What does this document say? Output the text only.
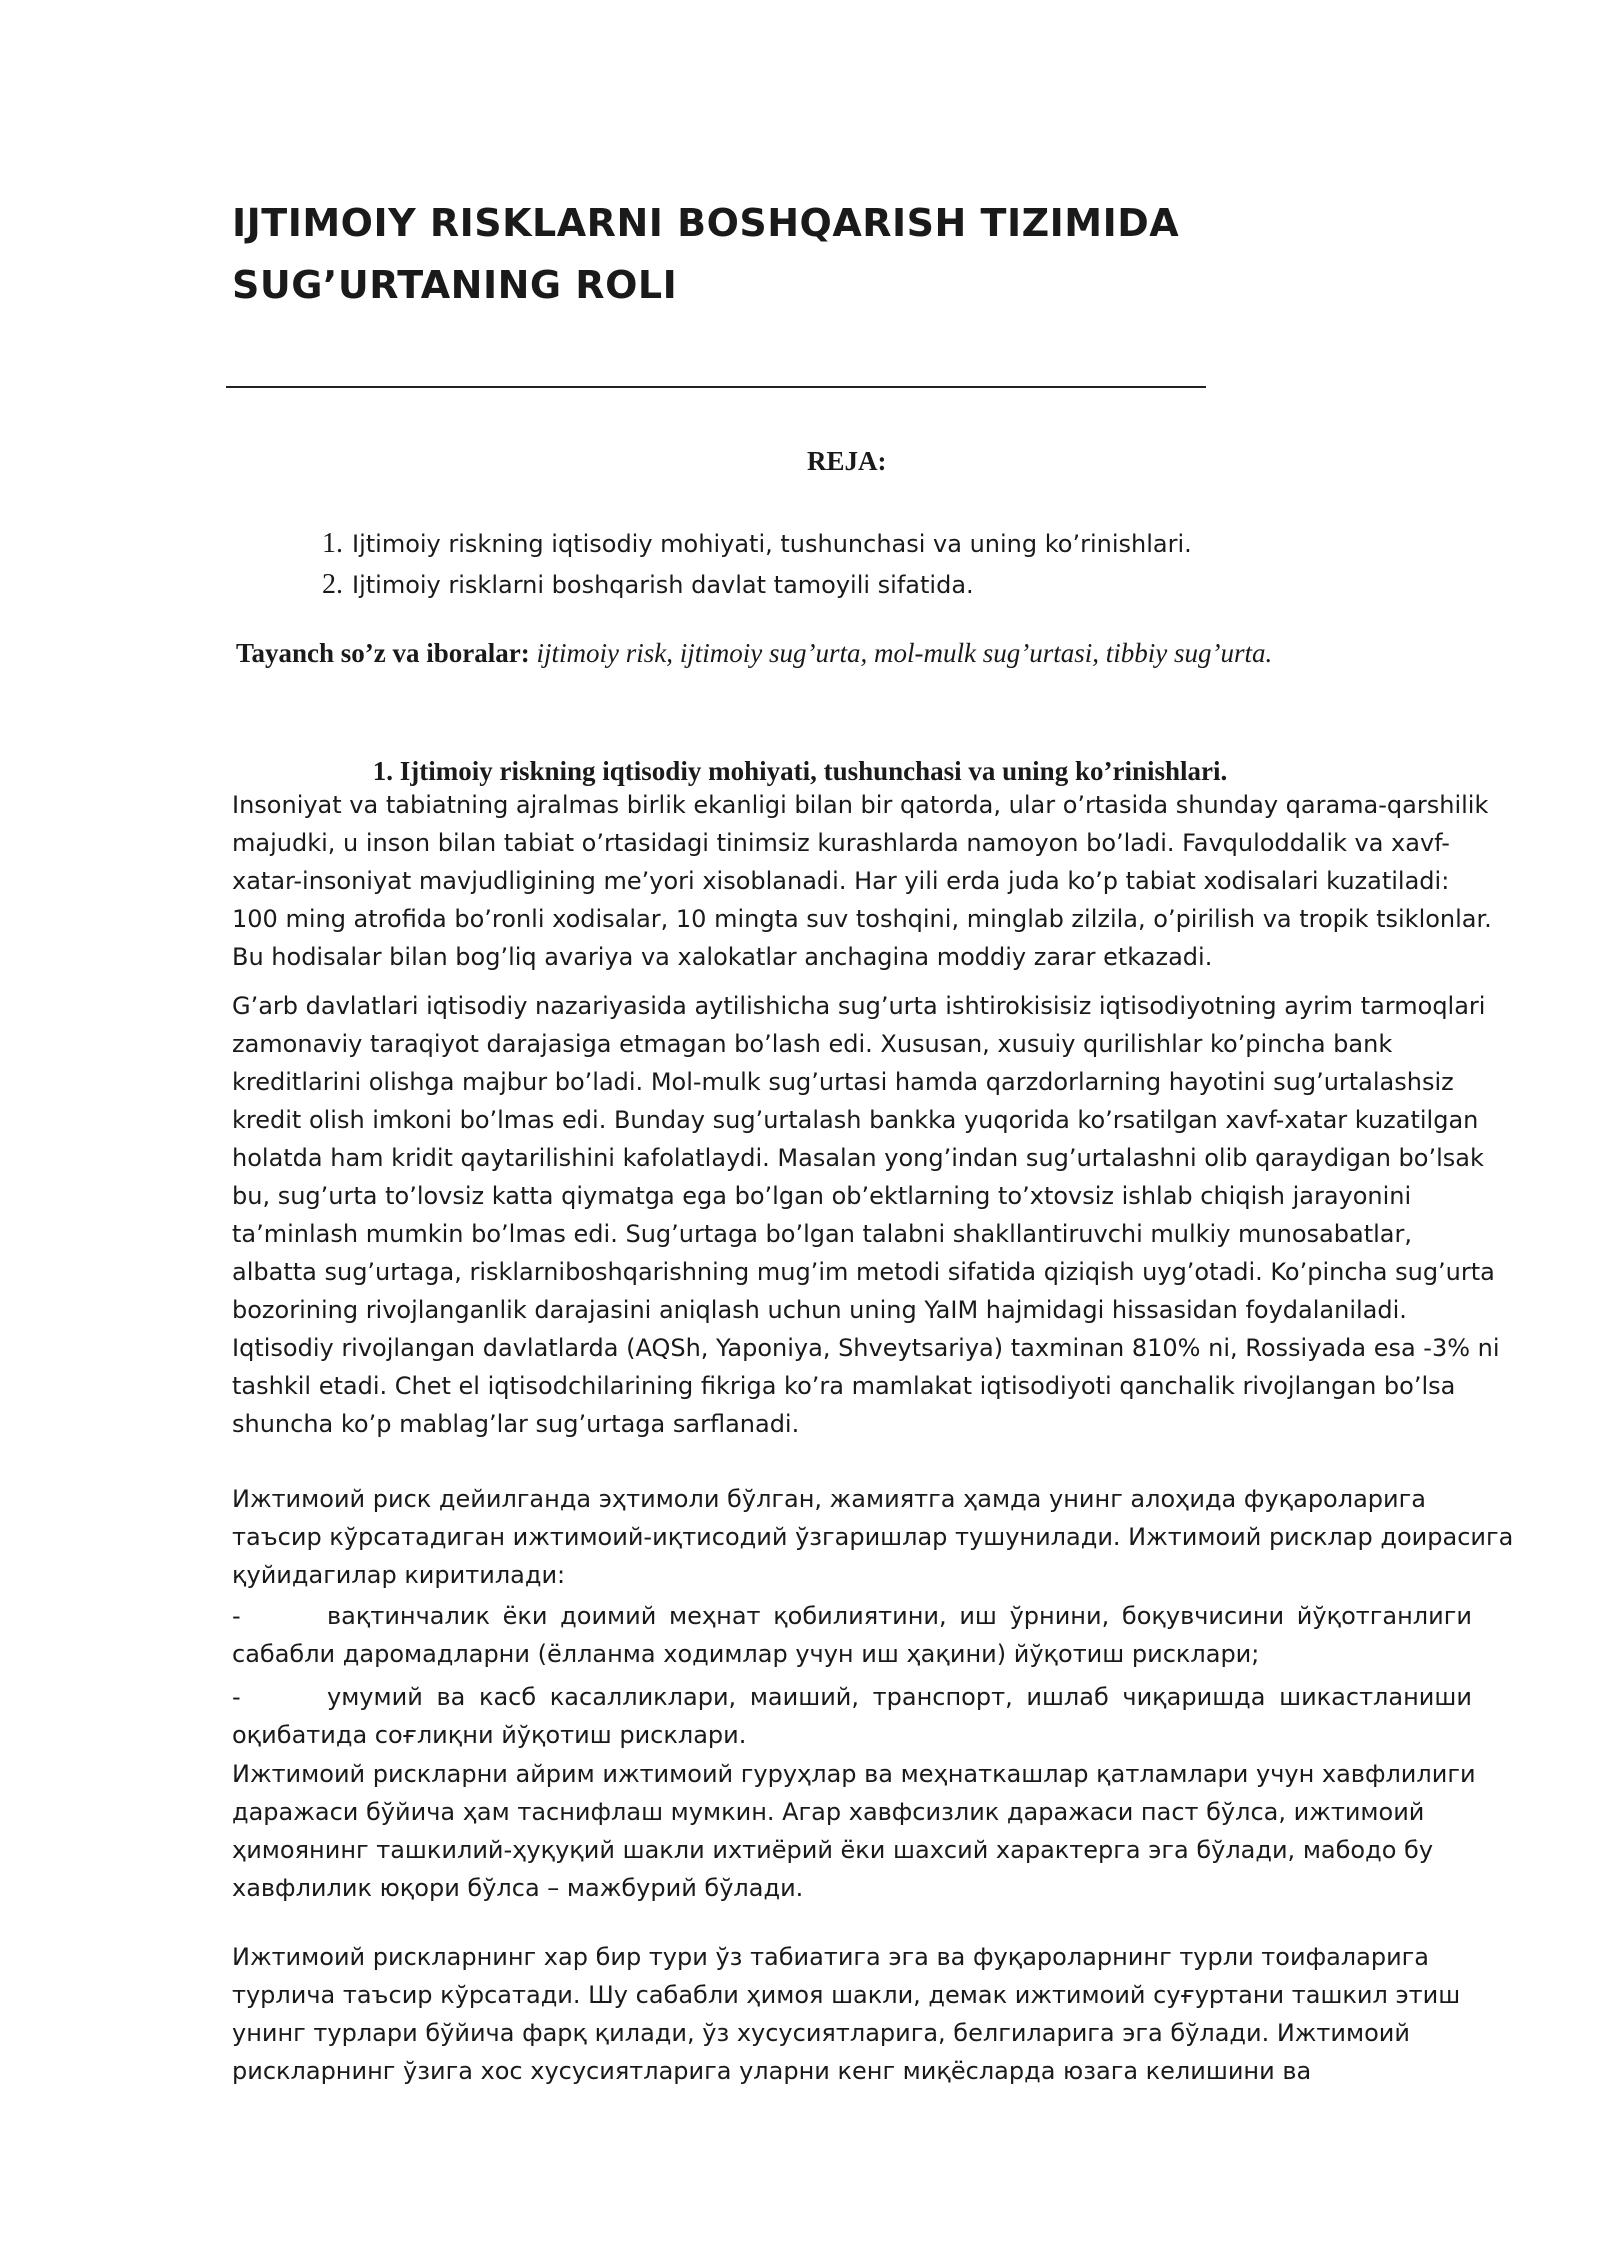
IJTIMOIY RISKLARNI BOSHQARISH TIZIMIDA
SUG’URTANING ROLI
REJA:
1. Ijtimoiy riskning iqtisodiy mohiyati, tushunchasi va uning ko’rinishlari.
2. Ijtimoiy risklarni boshqarish davlat tamoyili sifatida.
Tayanch so’z va iboralar: ijtimoiy risk, ijtimoiy sug’urta, mol-mulk sug’urtasi, tibbiy sug’urta.
1. Ijtimoiy riskning iqtisodiy mohiyati, tushunchasi va uning ko’rinishlari.
Insoniyat va tabiatning ajralmas birlik ekanligi bilan bir qatorda, ular o’rtasida shunday qarama-qarshilik
majudki, u inson bilan tabiat o’rtasidagi tinimsiz kurashlarda namoyon bo’ladi. Favquloddalik va xavf-
xatar-insoniyat mavjudligining me’yori xisoblanadi. Har yili erda juda ko’p tabiat xodisalari kuzatiladi:
100 ming atrofida bo’ronli xodisalar, 10 mingta suv toshqini, minglab zilzila, o’pirilish va tropik tsiklonlar.
Bu hodisalar bilan bog’liq avariya va xalokatlar anchagina moddiy zarar etkazadi.
G’arb davlatlari iqtisodiy nazariyasida aytilishicha sug’urta ishtirokisisiz iqtisodiyotning ayrim tarmoqlari
zamonaviy taraqiyot darajasiga etmagan bo’lash edi. Xususan, xusuiy qurilishlar ko’pincha bank
kreditlarini olishga majbur bo’ladi. Mol-mulk sug’urtasi hamda qarzdorlarning hayotini sug’urtalashsiz
kredit olish imkoni bo’lmas edi. Bunday sug’urtalash bankka yuqorida ko’rsatilgan xavf-xatar kuzatilgan
holatda ham kridit qaytarilishini kafolatlaydi. Masalan yong’indan sug’urtalashni olib qaraydigan bo’lsak
bu, sug’urta to’lovsiz katta qiymatga ega bo’lgan ob’ektlarning to’xtovsiz ishlab chiqish jarayonini
ta’minlash mumkin bo’lmas edi. Sug’urtaga bo’lgan talabni shakllantiruvchi mulkiy munosabatlar,
albatta sug’urtaga, risklarniboshqarishning mug’im metodi sifatida qiziqish uyg’otadi. Ko’pincha sug’urta
bozorining rivojlanganlik darajasini aniqlash uchun uning YaIM hajmidagi hissasidan foydalaniladi.
Iqtisodiy rivojlangan davlatlarda (AQSh, Yaponiya, Shveytsariya) taxminan 810% ni, Rossiyada esa -3% ni
tashkil etadi. Chet el iqtisodchilarining fikriga ko’ra mamlakat iqtisodiyoti qanchalik rivojlangan bo’lsa
shuncha ko’p mablag’lar sug’urtaga sarflanadi.
Ижтимоий риск дейилганда эҳтимоли бўлган, жамиятга ҳамда унинг алоҳида фуқароларига
таъсир кўрсатадиган ижтимоий-иқтисодий ўзгаришлар тушунилади. Ижтимоий рисклар доирасига
қуйидагилар киритилади:
-	вақтинчалик ёки доимий меҳнат қобилиятини, иш ўрнини, боқувчисини йўқотганлиги
сабабли даромадларни (ёлланма ходимлар учун иш ҳақини) йўқотиш рисклари;
-	умумий ва касб касалликлари, маиший, транспорт, ишлаб чиқаришда шикастланиши
оқибатида соғлиқни йўқотиш рисклари.
Ижтимоий рискларни айрим ижтимоий гуруҳлар ва меҳнаткашлар қатламлари учун хавфлилиги
даражаси бўйича ҳам таснифлаш мумкин. Агар хавфсизлик даражаси паст бўлса, ижтимоий
ҳимоянинг ташкилий-ҳуқуқий шакли ихтиёрий ёки шахсий характерга эга бўлади, мабодо бу
хавфлилик юқори бўлса – мажбурий бўлади.
Ижтимоий рискларнинг хар бир тури ўз табиатига эга ва фуқароларнинг турли тоифаларига
турлича таъсир кўрсатади. Шу сабабли ҳимоя шакли, демак ижтимоий суғуртани ташкил этиш
унинг турлари бўйича фарқ қилади, ўз хусусиятларига, белгиларига эга бўлади. Ижтимоий
рискларнинг ўзига хос хусусиятларига уларни кенг миқёсларда юзага келишини ва
